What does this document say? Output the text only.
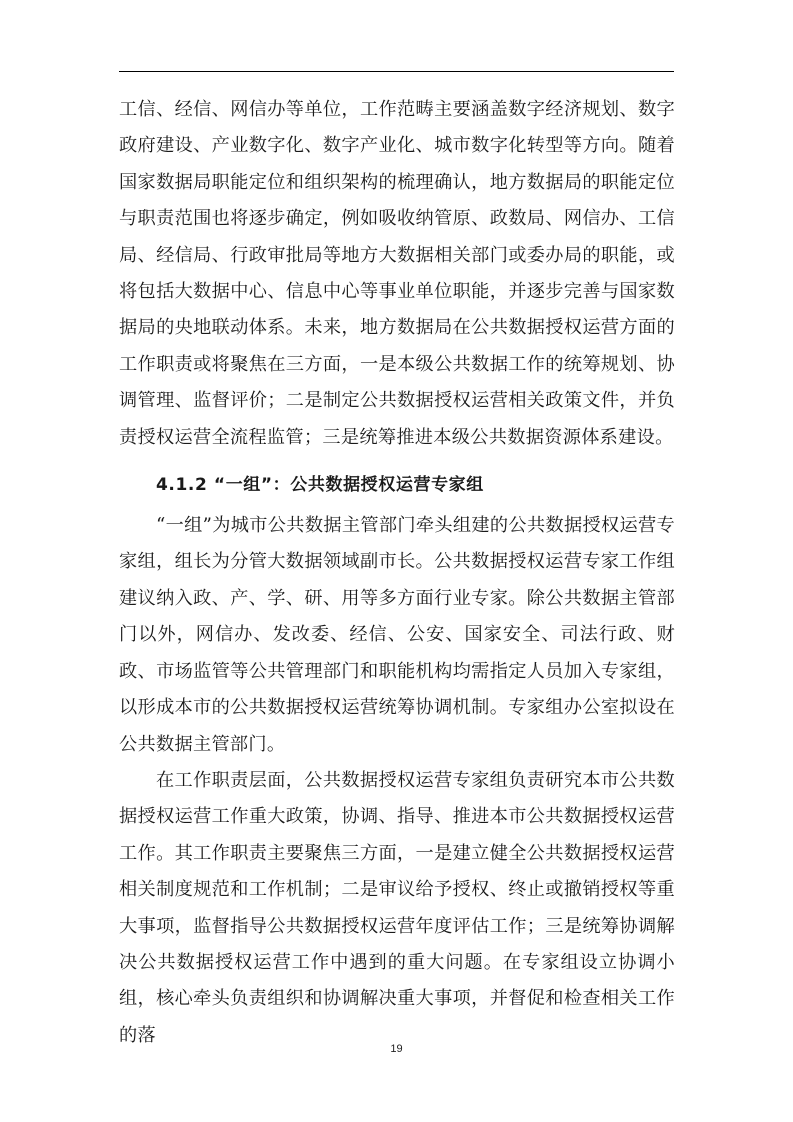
工信、经信、网信办等单位，工作范畴主要涵盖数字经济规划、数字政府建设、产业数字化、数字产业化、城市数字化转型等方向。随着国家数据局职能定位和组织架构的梳理确认，地方数据局的职能定位与职责范围也将逐步确定，例如吸收纳管原、政数局、网信办、工信局、经信局、行政审批局等地方大数据相关部门或委办局的职能，或将包括大数据中心、信息中心等事业单位职能，并逐步完善与国家数据局的央地联动体系。未来，地方数据局在公共数据授权运营方面的工作职责或将聚焦在三方面，一是本级公共数据工作的统筹规划、协调管理、监督评价；二是制定公共数据授权运营相关政策文件，并负责授权运营全流程监管；三是统筹推进本级公共数据资源体系建设。

4.1.2 “一组”：公共数据授权运营专家组

“一组”为城市公共数据主管部门牵头组建的公共数据授权运营专家组，组长为分管大数据领域副市长。公共数据授权运营专家工作组建议纳入政、产、学、研、用等多方面行业专家。除公共数据主管部门以外，网信办、发改委、经信、公安、国家安全、司法行政、财政、市场监管等公共管理部门和职能机构均需指定人员加入专家组，以形成本市的公共数据授权运营统筹协调机制。专家组办公室拟设在公共数据主管部门。

在工作职责层面，公共数据授权运营专家组负责研究本市公共数据授权运营工作重大政策，协调、指导、推进本市公共数据授权运营工作。其工作职责主要聚焦三方面，一是建立健全公共数据授权运营相关制度规范和工作机制；二是审议给予授权、终止或撤销授权等重大事项，监督指导公共数据授权运营年度评估工作；三是统筹协调解决公共数据授权运营工作中遇到的重大问题。在专家组设立协调小组，核心牵头负责组织和协调解决重大事项，并督促和检查相关工作的落

19
